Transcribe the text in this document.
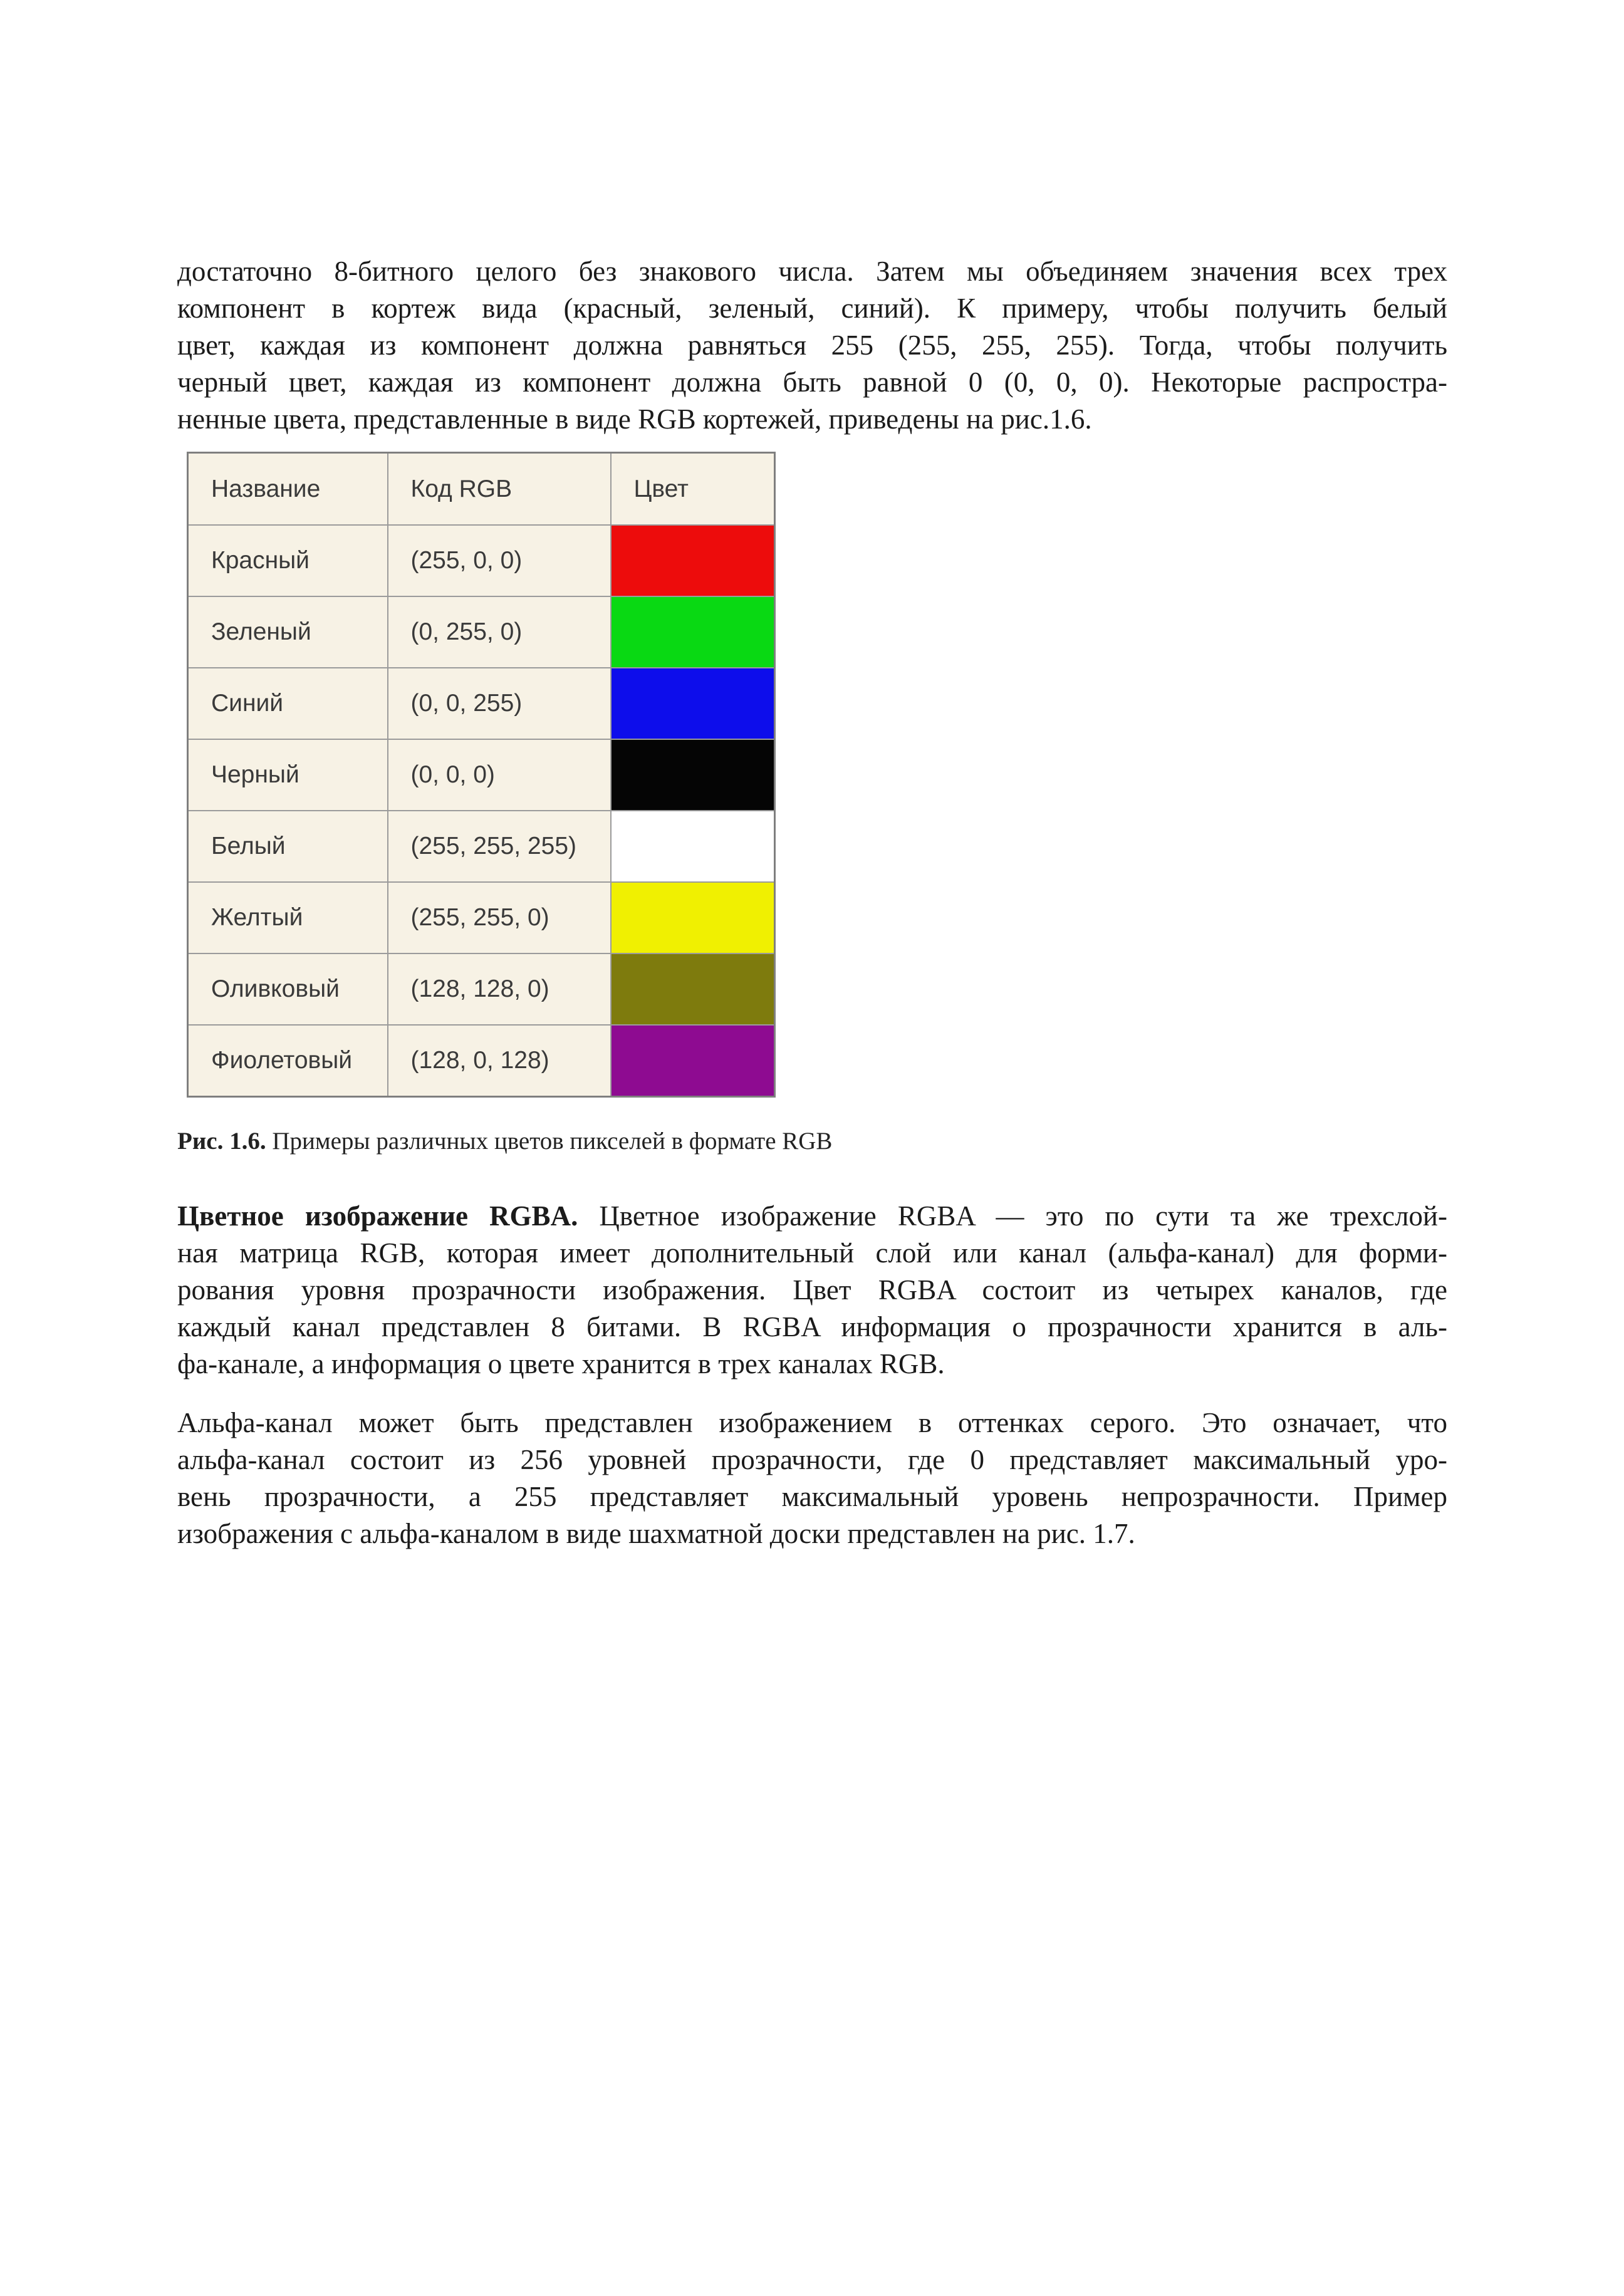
достаточно 8-битного целого без знакового числа. Затем мы объединяем значения всех трех
компонент в кортеж вида (красный, зеленый, синий). К примеру, чтобы получить белый
цвет, каждая из компонент должна равняться 255 (255, 255, 255). Тогда, чтобы получить
черный цвет, каждая из компонент должна быть равной 0 (0, 0, 0). Некоторые распростра-
ненные цвета, представленные в виде RGB кортежей, приведены на рис.1.6.
Название	Код RGB	Цвет
Красный	(255, 0, 0)	
Зеленый	(0, 255, 0)	
Синий	(0, 0, 255)	
Черный	(0, 0, 0)	
Белый	(255, 255, 255)	
Желтый	(255, 255, 0)	
Оливковый	(128, 128, 0)	
Фиолетовый	(128, 0, 128)	

Рис. 1.6. Примеры различных цветов пикселей в формате RGB

Цветное изображение RGBA. Цветное изображение RGBA — это по сути та же трехслой-
ная матрица RGB, которая имеет дополнительный слой или канал (альфа-канал) для форми-
рования уровня прозрачности изображения. Цвет RGBA состоит из четырех каналов, где
каждый канал представлен 8 битами. В RGBA информация о прозрачности хранится в аль-
фа-канале, а информация о цвете хранится в трех каналах RGB.
Альфа-канал может быть представлен изображением в оттенках серого. Это означает, что
альфа-канал состоит из 256 уровней прозрачности, где 0 представляет максимальный уро-
вень прозрачности, а 255 представляет максимальный уровень непрозрачности. Пример
изображения с альфа-каналом в виде шахматной доски представлен на рис. 1.7.
